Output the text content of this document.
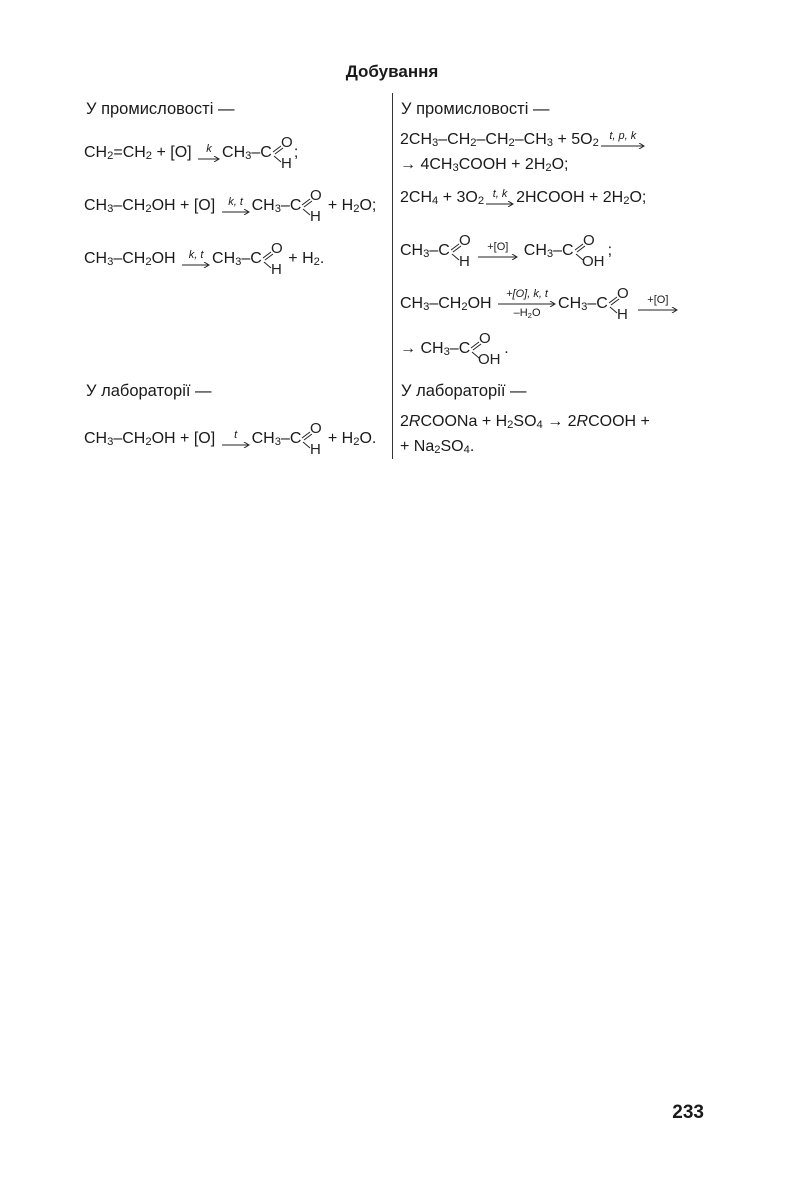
Добування
У промисловості —
CH 2 =CH 2 + [O] k CH 3 –C
O
H
;
CH 3 –CH 2 OH + [O] k, t CH 3 –C
O
H
+ H 2 O;
CH 3 –CH 2 OH k, t CH 3 –C
O
H
+ H 2 .
У лабораторії —
CH 3 –CH 2 OH + [O] t CH 3 –C
O
H
+ H 2 O.
У промисловості —
2CH 3 –CH 2 –CH 2 –CH 3 + 5O 2
t, p, k
→ 4CH 3 COOH + 2H 2 O;
2CH 4 + 3O 2
t, k 2HCOOH + 2H 2 O;
CH 3 –C
O
H
+[O] CH 3 –C
O
OH
;
CH 3 –CH 2 OH
+[O], k, t
$-H_2O$
CH 3 –C
O
H
+[O]
→ CH 3 –C
O
OH
.
У лабораторії —
2 R COONa + H 2 SO 4 → 2 R COOH +
+ Na 2 SO 4 .
233
